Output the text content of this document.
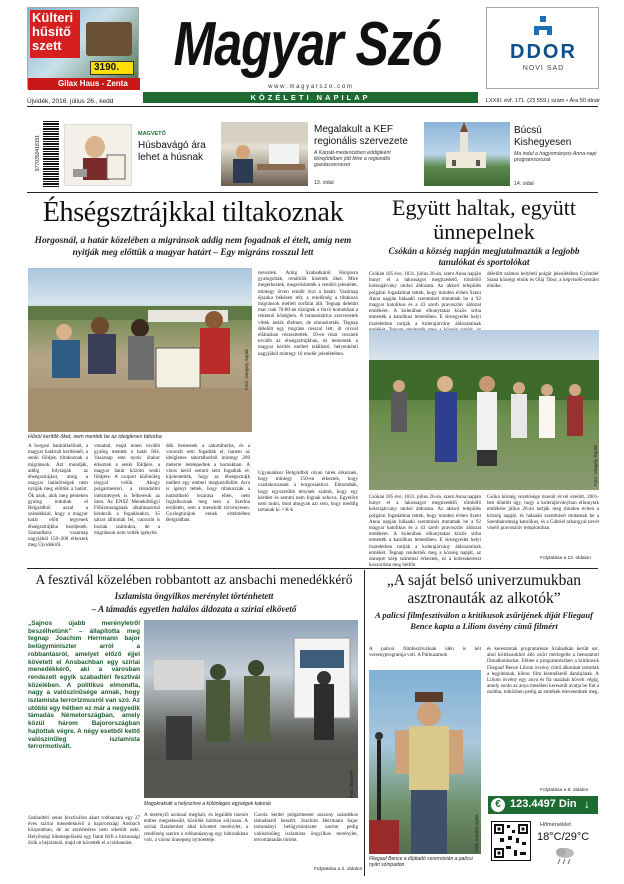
Külteri
hűsítő
szett
3190.
Gilax Haus - Zenta
Magyar Szó
w w w . m a g y a r s z o . c o m
KÖZÉLETI NAPILAP
DDOR
NOVI SAD
Újvidék, 2016. július 26., kedd	LXXIII. évf. 171. (23 559.) szám • Ára 50 dinár
9770350418151
MAGVETŐ
Húsbavágó ára lehet a húsnak
Megalakult a KEF regionális szervezete
A Kárpát-medencében eddigiként létrejöttében jött létre a regionális gazdaszervezet
13. oldal
Búcsú Kishegyesen
Ma indul a hagyományos Anna-napi programsorozat
14. oldal
Éhségsztrájkkal tiltakoznak
Horgosnál, a határ közelében a migránsok addig nem fogadnak el ételt, amíg nem nyitják meg előttük a magyar határt – Egy migráns rosszul lett
Hűsöl kerítők őket, nem mentek be az ideiglenes táborba
Fotó: Gergely Árpád
A horgosi határátkelőnél, a magyar határnál kerítésnél, a senki földjén tiltakoznak a migránsok. Azt mondják, addig folytatják az éhségsztrájkot, amíg a magyar határőrségek nem nyitják meg előttük a határt. Ők azok, akik meg pénteken gyalog indultak el Belgrádból azzal a szándékkal, hogy a magyar határ előtt tegyenek éhségsztrájkba kezdjenek. Szabadkára vasárnap nagyjából 150–200 érkeztek meg Újvidékről.
vonattal, majd innen tovább gyalog mentek a határ felé. Vasárnap este nyolc órakor érkeztek a senki földjére, a magyar határ közötti senki földjére. A csoport különölég tárgyal velük. Ahogy polgármesteri, a társadalmi intézmények is felkeresik az úton. Az ENSZ Menekültügyi Főbiztosságának alkalmazottai kérdezik a fogadásukra, 35 sátrat állítottak fel, vacsorát is hoztak számukra, de a migránsok nem vették igénybe.
dók bementek a sátortáborba, és a vacsorát sem fogadták el, hanem az ideiglenes sátortáborból mintegy 200 méterre letelepedtek a homokban. A város kerül semmi sem fogadták el, kijelentették, hogy az éhségsztrájk mellett egy emberi megkezdődött. Arra is igényt tettek, hogy tiltakozzák a határátkelő lezárása ellen, nem foglalkoznak meg sem a Szerbia területén, sem a menekült törvényesen. Gyalogtúrájuk ennek értelmében Belgrádban.
neveztek. Amig Szabadkáról Horgosra gyalogoltak, rendőrök kísérték őket. Mire megérkeztek, megerősítették a rendőri jelenlétet, mintegy ötven rendőr őrzi a határt. Vasárnap éjszaka békésen telt, a rendőrség a tiltakozó migránsok mellett sorfalat állt. Tegnap délelőtt mar csak 70-80-an tűzögtek a forró homokban a rekkenő hőségben. A humanitárius szervezetek vittek nekik élelmet, de elutasították. Tegnap délelőtt egy migráns rosszul lett, őt orvosi ellátásban részesítették, 10-en részt vesznek tovább az éhségsztrájkban, és bementek a magyar kerítés mellett található, helyenkénti nagyjából mintegy 10 rendőr jelenlétében.
Ugyanakkor Belgrádból olyan hírek érkeznek, hogy mintegy 150-en érkeztek, hogy csatlakozzanak a horgosiakhoz. Elmondták, hogy egyszerűbb ténynek számít, hogy egy kérdést és semmi nem fognak sehova. Egyelőre nem tudni, mint ahogyan azt sem, hogy meddig tartanak ki. • K-k
Együtt haltak, együtt ünnepelnek
Csókán a község napján megjutalmazták a legjobb tanulókat és sportolókat
Csókán 185 éve, 1831. július 26-án, szent Anna napján hunyt el a lakosságot megtizedelő, tömbölő kolerajárvány utolsó áldozata. Az akkori település polgárai fogadalmat tettek, hogy minden évben Szent Anna napján hálaadó szentmisét mutatnak be a 92 magyar katolikus és a 43 szerb pravoszláv áldozat emlékére. A kolerában elhunytakat közös sírba temették a katolikus temetőben. E sírnegyedet helyi tiszteletben tartják a kolerajárvány áldozatainak
délelőtt számos helybeli polgár jelenlétében Gyömbér Stana községi elnök és Oláj Tibor, a képviselő-testület elnöke.
Fotó: Gergely Árpád
Csókán 185 éve, 1831. július 26-án, szent Anna napján hunyt el a lakosságot megtizedelő, tömbölő kolerajárvány utolsó áldozata. Az akkori település polgárai fogadalmat tettek, hogy minden évben Szent Anna napján hálaadó szentmisét mutatnak be a 92 magyar katolikus és a 43 szerb pravoszláv áldozat emlékére. A kolerában elhunytakat közös sírba temették a katolikus temetőben. E sírnegyedet helyi tiszteletben tartják a kolerajárvány áldozatainak emlékét. Tegnap rendezték meg a község napját, az ünnepre szép számmal érkeztek, ez a kolerakereszt koszorúzta meg hétfőn
Csóka község vezetősége tizenöt évvel ezelőtt, 2001-ben döntött úgy, hogy a kolerajárványban elhunytak emlékére július 26-án tartják meg minden évben a község napját, és hálaadó szentmisét mutatnak be a Szentháromság katolikus, és a Gábriel arkangyal nevét viselő pravoszláv templomban.
Folytatása a 13. oldalon
A fesztivál közelében robbantott az ansbachi menedékkérő
Iszlamista öngyilkos merénylet történhetett
– A támadás egyetlen halálos áldozata a szíriai elkövető
„Sajnos újabb merényletről beszélhetünk” – állapította meg tegnap Joachim Herrmann bajor belügyminiszter arról a robbantásról, amelyet előző éjjel követett el Ansbachban egy szíriai menedékkérő, aki a városban rendezett egyik szabadtéri fesztivál közelében. A politikus elmondta, nagy a valószínűsége annak, hogy iszlamista terrorizmusról van szó. Az utóbbi egy hétben ez már a negyedik támadás Németországban, amely közül három Bajorországban hajtottak végre. A négy esetből kettő valószínűleg iszlamista terrormotivált.
Szabadtéri zenei fesztiválon akart robbantani egy 27 éves szíriai menedékkérő a bajorországi Ansbach központban, de az ezrédmérse nem sikerült neki. Helyőrségi bűnmegelőzési egy fiatal férfi a biztonsági őrök a bejáratnál, majd ott követték el a robbantást.
Magokrakotk a helyszínre a különleges egységek katonái
Fotó: Beta/AP
A merénylő azonnal meghalt, és legalább tizenöt ember megsebesült, közülük hárman súlyosan. A szíriai fiatalember által követett merénylet, a rendőrség szerint a robbanóanyag egy hátizsákban volt, a városi ünnepség nyitóestéje.
Carola Seidel polgármester asszony szándékos támadásról beszélt. Joachim Herrmann bajor tartományi belügyminiszter szerint pedig valószínűleg iszlamista öngyilkos merénylet, terrortámadás történt.
Folytatása a 2. oldalon
„A saját belső univerzumukban asztronauták az alkotók”
A palicsi filmfesztiválon a kritikusok zsűrijének díját Fliegauf Bence kapta a Liliom ösvény című filmért
A palicsi filmfesztiválnak idén is két versenyprogramja volt. A Párhuzamok
és keresztutak programrésze Szabadkán került sor, ahol kritikusokból álló zsűri mérlegelte a bemutatott filmalkotásokat. Ebben a programrészben a kritikusok Fliegauf Bence Liliom ösvény című alkotását tartották a legjobbnak, kilenc film kiemelkedő darabjának. A Liliom ösvény egy anya és fia utazását követi végig, amely során az anya meséken keresztül avatja be fiát a múltba, miközben pedig az emlékek elevenednek meg.
Folytatása a 8. oldalon
Fotó: Kaczkó Gyula
Fliegauf Bence a díjátadó ceremónián a palicsi nyári színpadon
€ 123.4497 Din ↓
Hőmérséklet
18°C/29°C
